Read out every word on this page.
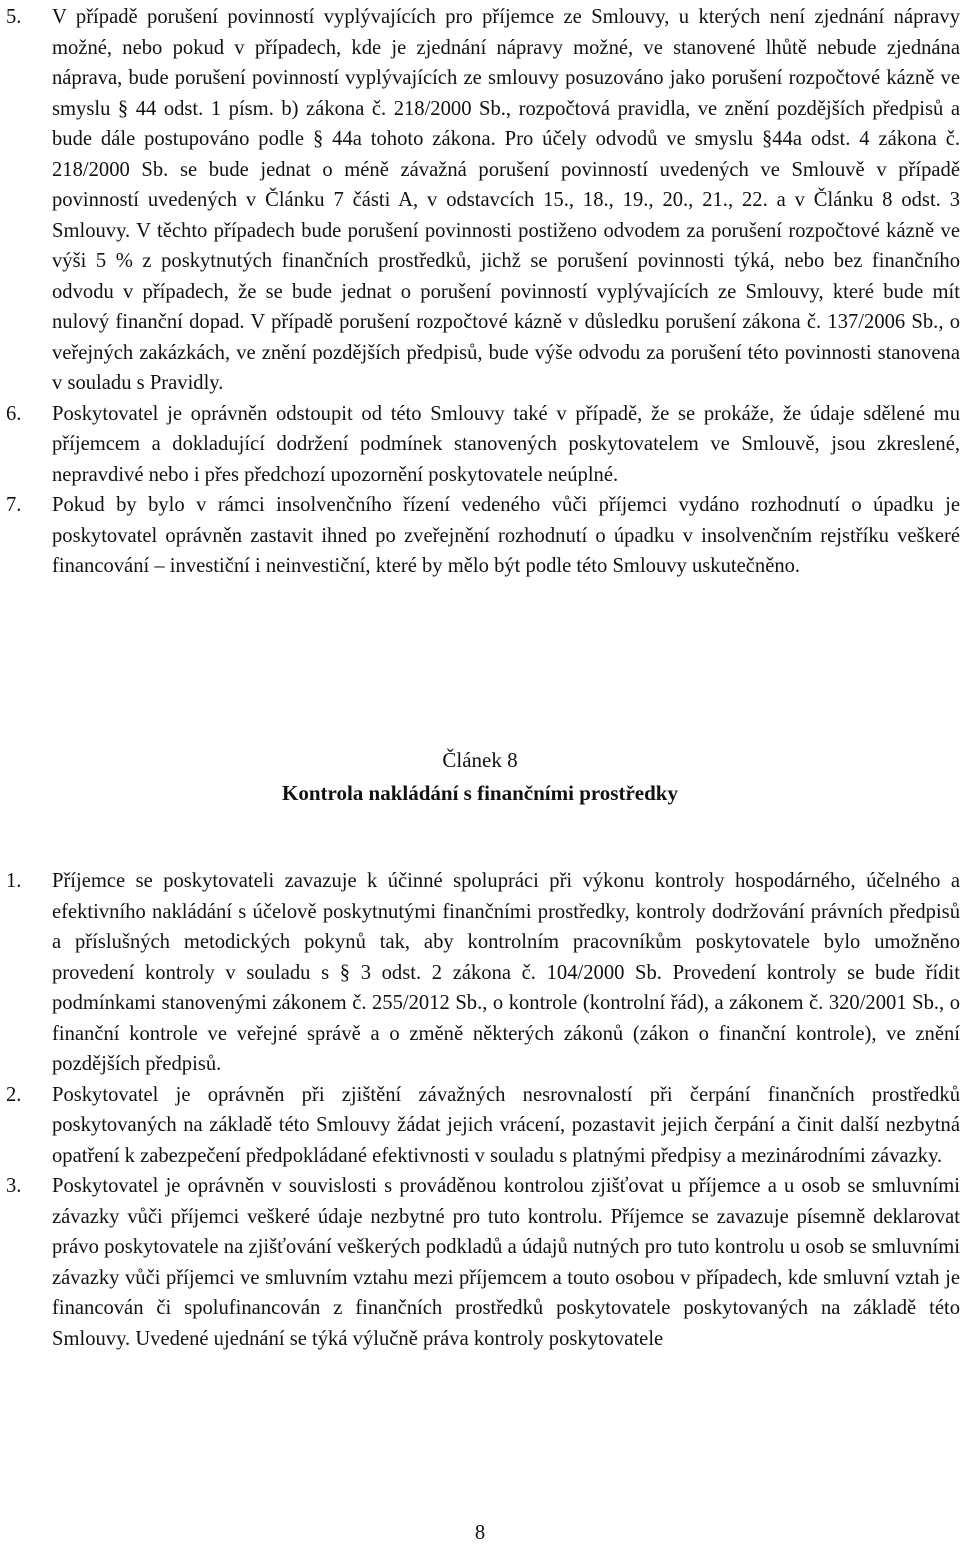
5. V případě porušení povinností vyplývajících pro příjemce ze Smlouvy, u kterých není zjednání nápravy možné, nebo pokud v případech, kde je zjednání nápravy možné, ve stanovené lhůtě nebude zjednána náprava, bude porušení povinností vyplývajících ze smlouvy posuzováno jako porušení rozpočtové kázně ve smyslu § 44 odst. 1 písm. b) zákona č. 218/2000 Sb., rozpočtová pravidla, ve znění pozdějších předpisů a bude dále postupováno podle § 44a tohoto zákona. Pro účely odvodů ve smyslu §44a odst. 4 zákona č. 218/2000 Sb. se bude jednat o méně závažná porušení povinností uvedených ve Smlouvě v případě povinností uvedených v Článku 7 části A, v odstavcích 15., 18., 19., 20., 21., 22. a v Článku 8 odst. 3 Smlouvy. V těchto případech bude porušení povinnosti postiženo odvodem za porušení rozpočtové kázně ve výši 5 % z poskytnutých finančních prostředků, jichž se porušení povinnosti týká, nebo bez finančního odvodu v případech, že se bude jednat o porušení povinností vyplývajících ze Smlouvy, které bude mít nulový finanční dopad. V případě porušení rozpočtové kázně v důsledku porušení zákona č. 137/2006 Sb., o veřejných zakázkách, ve znění pozdějších předpisů, bude výše odvodu za porušení této povinnosti stanovena v souladu s Pravidly.
6. Poskytovatel je oprávněn odstoupit od této Smlouvy také v případě, že se prokáže, že údaje sdělené mu příjemcem a dokladující dodržení podmínek stanovených poskytovatelem ve Smlouvě, jsou zkreslené, nepravdivé nebo i přes předchozí upozornění poskytovatele neúplné.
7. Pokud by bylo v rámci insolvenčního řízení vedeného vůči příjemci vydáno rozhodnutí o úpadku je poskytovatel oprávněn zastavit ihned po zveřejnění rozhodnutí o úpadku v insolvenčním rejstříku veškeré financování – investiční i neinvestiční, které by mělo být podle této Smlouvy uskutečněno.
Článek 8
Kontrola nakládání s finančními prostředky
1. Příjemce se poskytovateli zavazuje k účinné spolupráci při výkonu kontroly hospodárného, účelného a efektivního nakládání s účelově poskytnutými finančními prostředky, kontroly dodržování právních předpisů a příslušných metodických pokynů tak, aby kontrolním pracovníkům poskytovatele bylo umožněno provedení kontroly v souladu s § 3 odst. 2 zákona č. 104/2000 Sb. Provedení kontroly se bude řídit podmínkami stanovenými zákonem č. 255/2012 Sb., o kontrole (kontrolní řád), a zákonem č. 320/2001 Sb., o finanční kontrole ve veřejné správě a o změně některých zákonů (zákon o finanční kontrole), ve znění pozdějších předpisů.
2. Poskytovatel je oprávněn při zjištění závažných nesrovnalostí při čerpání finančních prostředků poskytovaných na základě této Smlouvy žádat jejich vrácení, pozastavit jejich čerpání a činit další nezbytná opatření k zabezpečení předpokládané efektivnosti v souladu s platnými předpisy a mezinárodními závazky.
3. Poskytovatel je oprávněn v souvislosti s prováděnou kontrolou zjišťovat u příjemce a u osob se smluvními závazky vůči příjemci veškeré údaje nezbytné pro tuto kontrolu. Příjemce se zavazuje písemně deklarovat právo poskytovatele na zjišťování veškerých podkladů a údajů nutných pro tuto kontrolu u osob se smluvními závazky vůči příjemci ve smluvním vztahu mezi příjemcem a touto osobou v případech, kde smluvní vztah je financován či spolufinancován z finančních prostředků poskytovatele poskytovaných na základě této Smlouvy. Uvedené ujednání se týká výlučně práva kontroly poskytovatele
8
